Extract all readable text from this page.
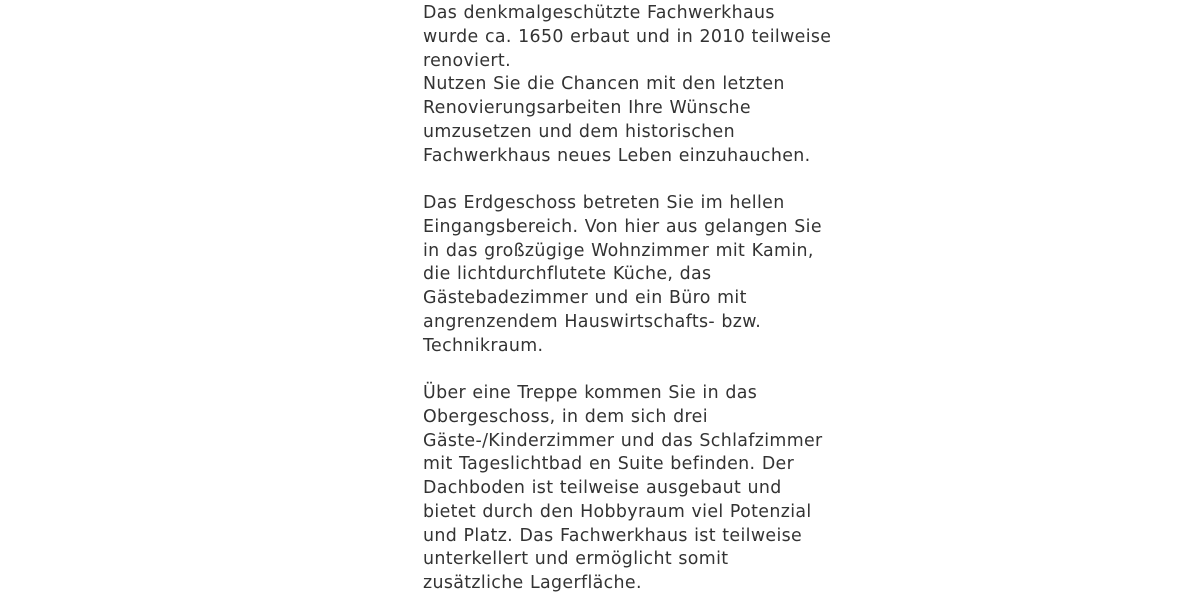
Das denkmalgeschützte Fachwerkhaus
wurde ca. 1650 erbaut und in 2010 teilweise
renoviert.
Nutzen Sie die Chancen mit den letzten
Renovierungsarbeiten Ihre Wünsche
umzusetzen und dem historischen
Fachwerkhaus neues Leben einzuhauchen.

Das Erdgeschoss betreten Sie im hellen
Eingangsbereich. Von hier aus gelangen Sie
in das großzügige Wohnzimmer mit Kamin,
die lichtdurchflutete Küche, das
Gästebadezimmer und ein Büro mit
angrenzendem Hauswirtschafts- bzw.
Technikraum.

Über eine Treppe kommen Sie in das
Obergeschoss, in dem sich drei
Gäste-/Kinderzimmer und das Schlafzimmer
mit Tageslichtbad en Suite befinden. Der
Dachboden ist teilweise ausgebaut und
bietet durch den Hobbyraum viel Potenzial
und Platz. Das Fachwerkhaus ist teilweise
unterkellert und ermöglicht somit
zusätzliche Lagerfläche.
